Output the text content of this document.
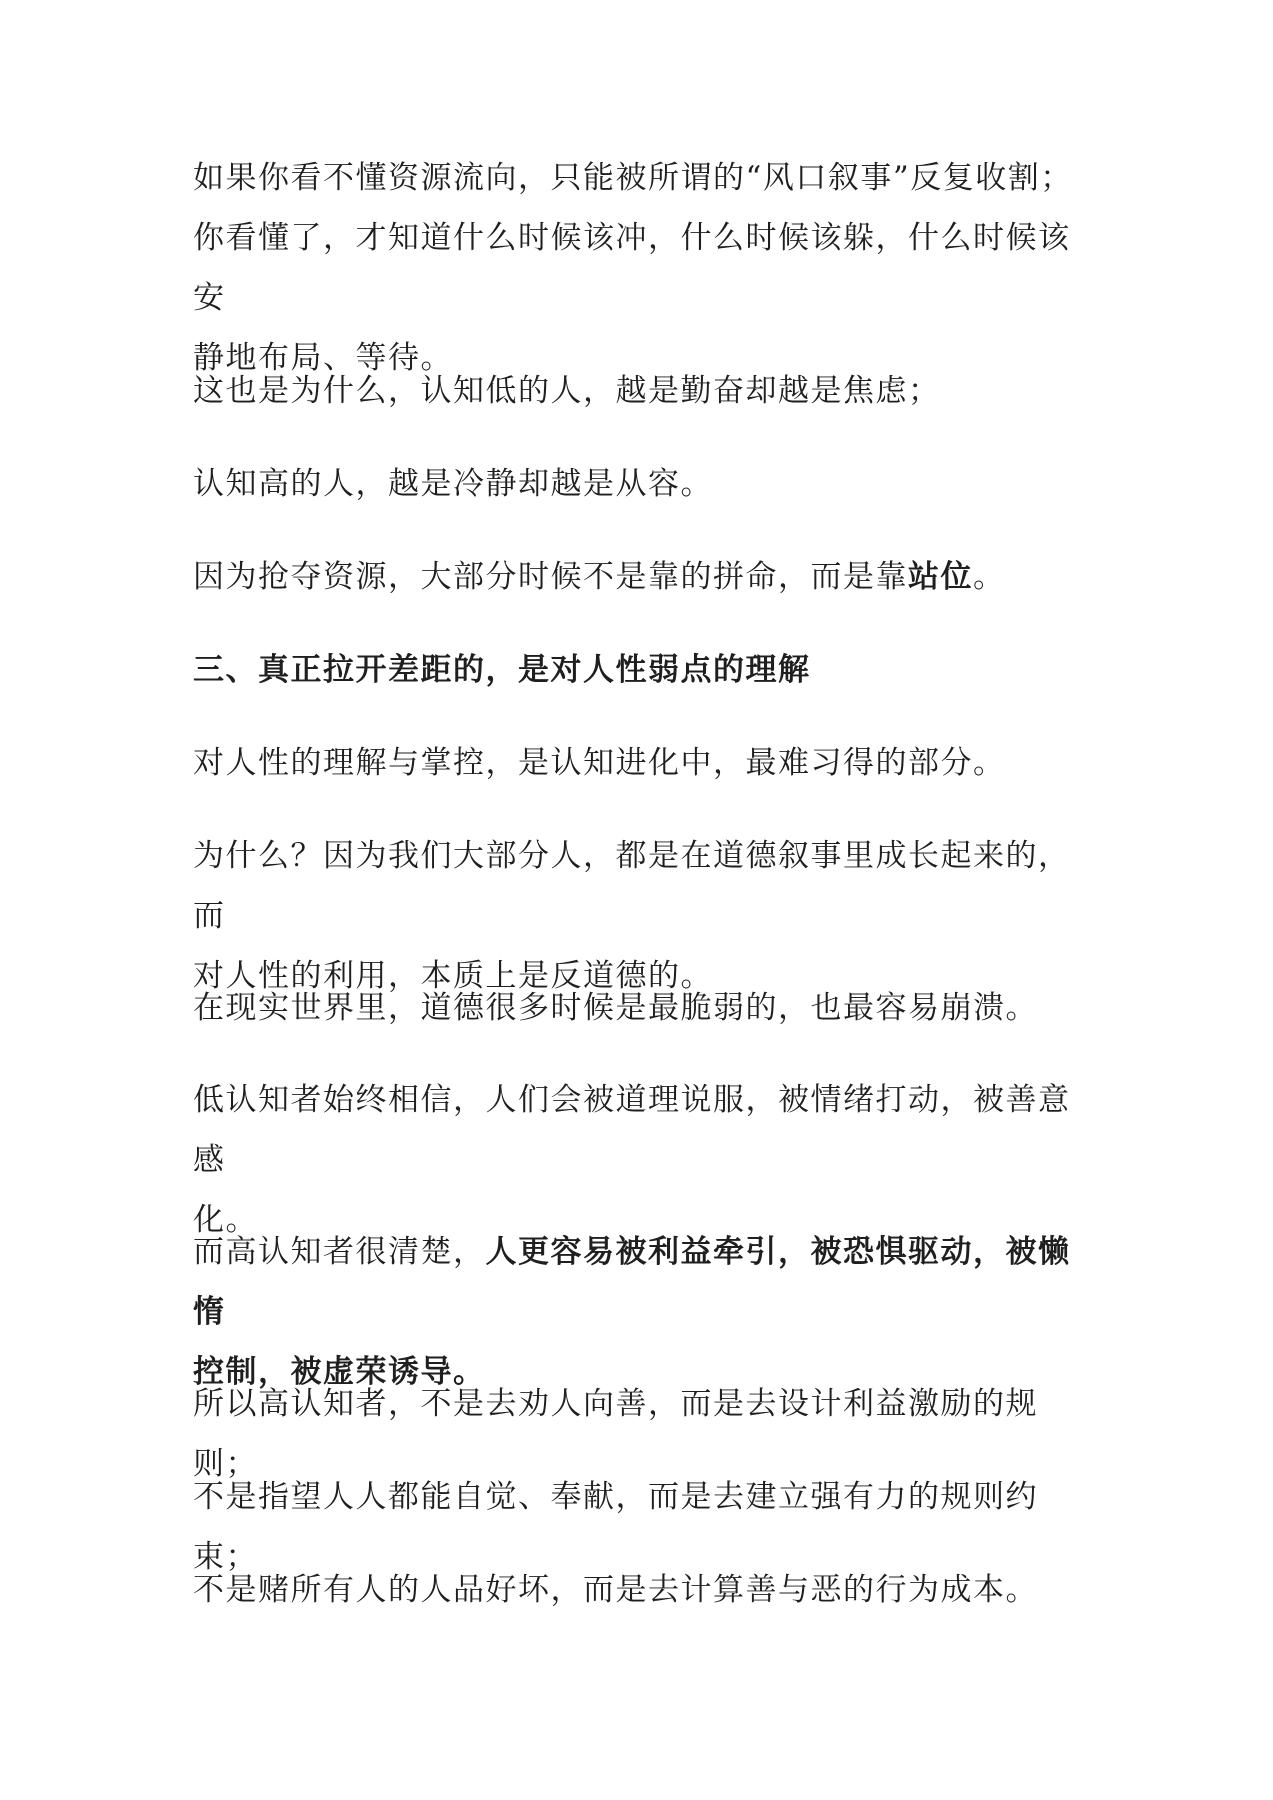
如果你看不懂资源流向，只能被所谓的“风口叙事”反复收割；
你看懂了，才知道什么时候该冲，什么时候该躲，什么时候该安
静地布局、等待。

这也是为什么，认知低的人，越是勤奋却越是焦虑；

认知高的人，越是冷静却越是从容。

因为抢夺资源，大部分时候不是靠的拼命，而是靠站位。

三、真正拉开差距的，是对人性弱点的理解

对人性的理解与掌控，是认知进化中，最难习得的部分。

为什么？因为我们大部分人，都是在道德叙事里成长起来的，而
对人性的利用，本质上是反道德的。

在现实世界里，道德很多时候是最脆弱的，也最容易崩溃。

低认知者始终相信，人们会被道理说服，被情绪打动，被善意感
化。

而高认知者很清楚，人更容易被利益牵引，被恐惧驱动，被懒惰
控制，被虚荣诱导。

所以高认知者，不是去劝人向善，而是去设计利益激励的规则；

不是指望人人都能自觉、奉献，而是去建立强有力的规则约束；

不是赌所有人的人品好坏，而是去计算善与恶的行为成本。
